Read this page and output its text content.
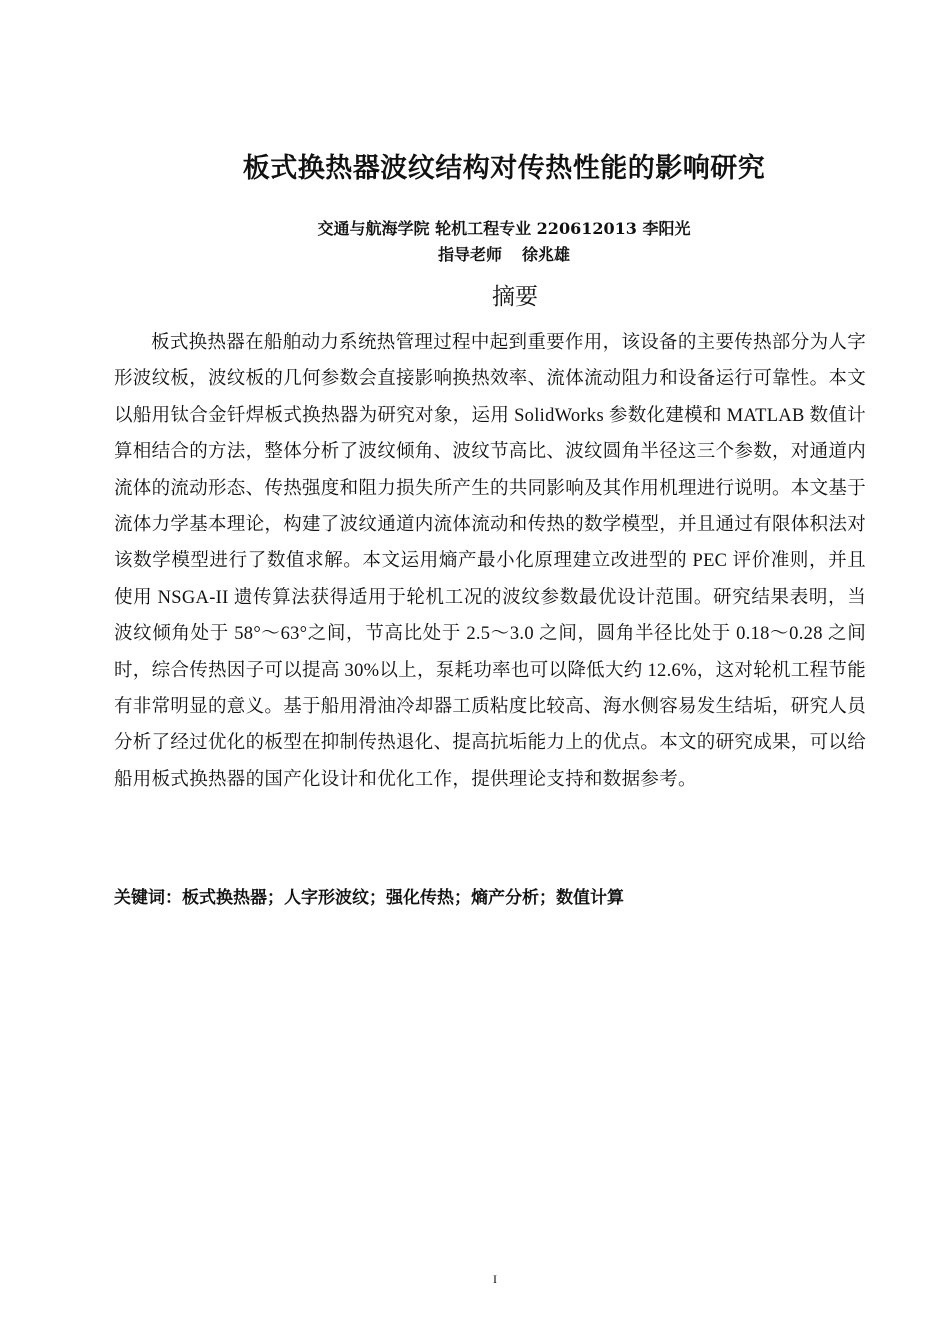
板式换热器波纹结构对传热性能的影响研究
交通与航海学院 轮机工程专业 220612013 李阳光
指导老师 徐兆雄
摘要

板式换热器在船舶动力系统热管理过程中起到重要作用，该设备的主要传热部分为人字形波纹板，波纹板的几何参数会直接影响换热效率、流体流动阻力和设备运行可靠性。本文以船用钛合金钎焊板式换热器为研究对象，运用 SolidWorks 参数化建模和 MATLAB 数值计算相结合的方法，整体分析了波纹倾角、波纹节高比、波纹圆角半径这三个参数，对通道内流体的流动形态、传热强度和阻力损失所产生的共同影响及其作用机理进行说明。本文基于流体力学基本理论，构建了波纹通道内流体流动和传热的数学模型，并且通过有限体积法对该数学模型进行了数值求解。本文运用熵产最小化原理建立改进型的 PEC 评价准则，并且使用 NSGA-II 遗传算法获得适用于轮机工况的波纹参数最优设计范围。研究结果表明，当波纹倾角处于 58°～63°之间，节高比处于 2.5～3.0 之间，圆角半径比处于 0.18～0.28 之间时，综合传热因子可以提高 30%以上，泵耗功率也可以降低大约 12.6%，这对轮机工程节能有非常明显的意义。基于船用滑油冷却器工质粘度比较高、海水侧容易发生结垢，研究人员分析了经过优化的板型在抑制传热退化、提高抗垢能力上的优点。本文的研究成果，可以给船用板式换热器的国产化设计和优化工作，提供理论支持和数据参考。

关键词：板式换热器；人字形波纹；强化传热；熵产分析；数值计算
I
